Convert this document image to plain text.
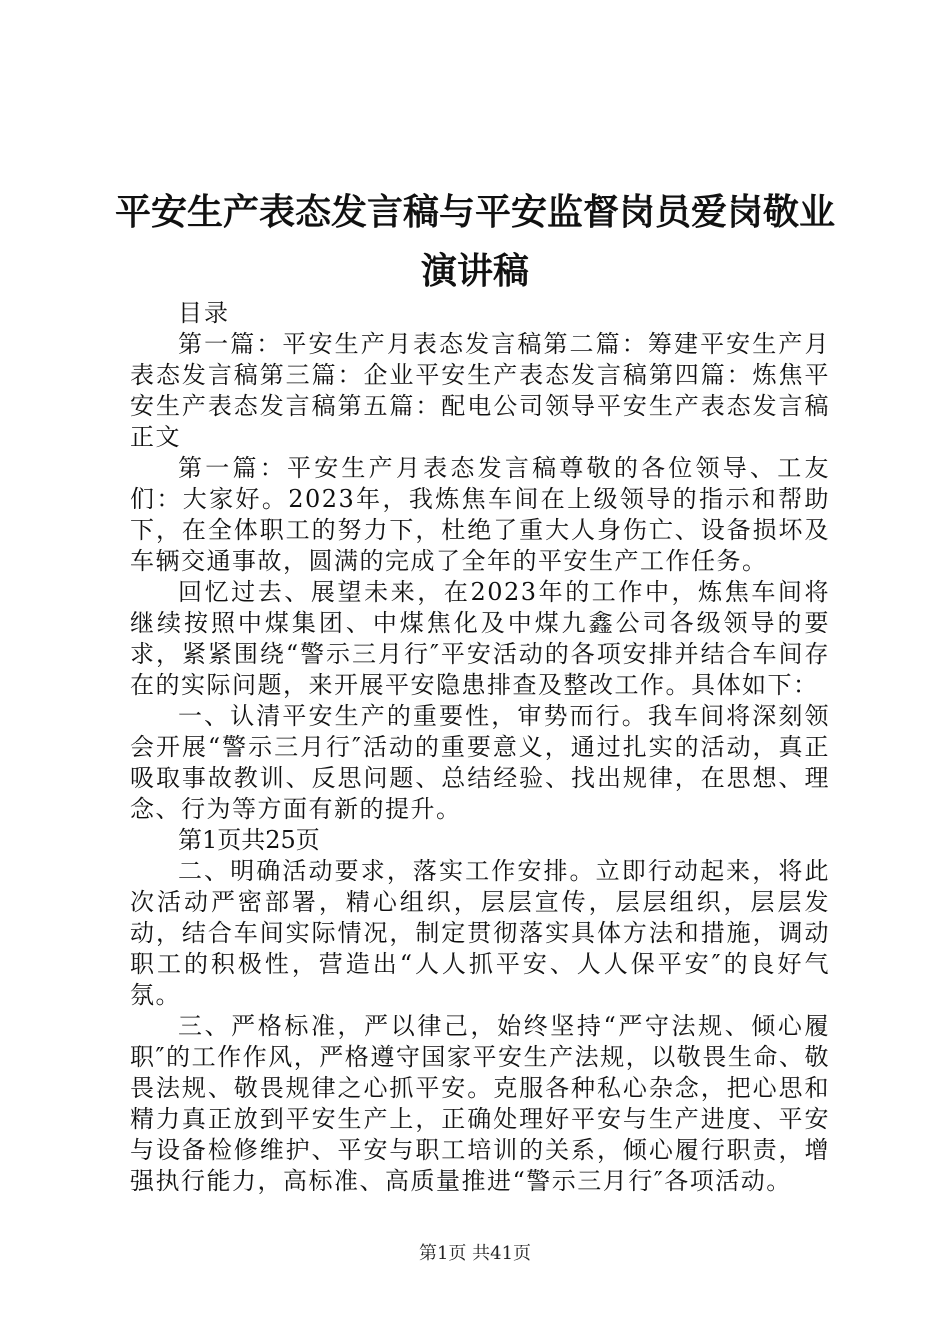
平安生产表态发言稿与平安监督岗员爱岗敬业
演讲稿

目录

第一篇：平安生产月表态发言稿第二篇：筹建平安生产月表态发言稿第三篇：企业平安生产表态发言稿第四篇：炼焦平安生产表态发言稿第五篇：配电公司领导平安生产表态发言稿正文

第一篇：平安生产月表态发言稿尊敬的各位领导、工友们：大家好。2023年，我炼焦车间在上级领导的指示和帮助下，在全体职工的努力下，杜绝了重大人身伤亡、设备损坏及车辆交通事故，圆满的完成了全年的平安生产工作任务。

回忆过去、展望未来，在2023年的工作中，炼焦车间将继续按照中煤集团、中煤焦化及中煤九鑫公司各级领导的要求，紧紧围绕“警示三月行″平安活动的各项安排并结合车间存在的实际问题，来开展平安隐患排查及整改工作。具体如下：

一、认清平安生产的重要性，审势而行。我车间将深刻领会开展“警示三月行″活动的重要意义，通过扎实的活动，真正吸取事故教训、反思问题、总结经验、找出规律，在思想、理念、行为等方面有新的提升。

第1页共25页

二、明确活动要求，落实工作安排。立即行动起来，将此次活动严密部署，精心组织，层层宣传，层层组织，层层发动，结合车间实际情况，制定贯彻落实具体方法和措施，调动职工的积极性，营造出“人人抓平安、人人保平安″的良好气氛。

三、严格标准，严以律己，始终坚持“严守法规、倾心履职″的工作作风，严格遵守国家平安生产法规，以敬畏生命、敬畏法规、敬畏规律之心抓平安。克服各种私心杂念，把心思和精力真正放到平安生产上，正确处理好平安与生产进度、平安与设备检修维护、平安与职工培训的关系，倾心履行职责，增强执行能力，高标准、高质量推进“警示三月行″各项活动。

第1页 共41页
